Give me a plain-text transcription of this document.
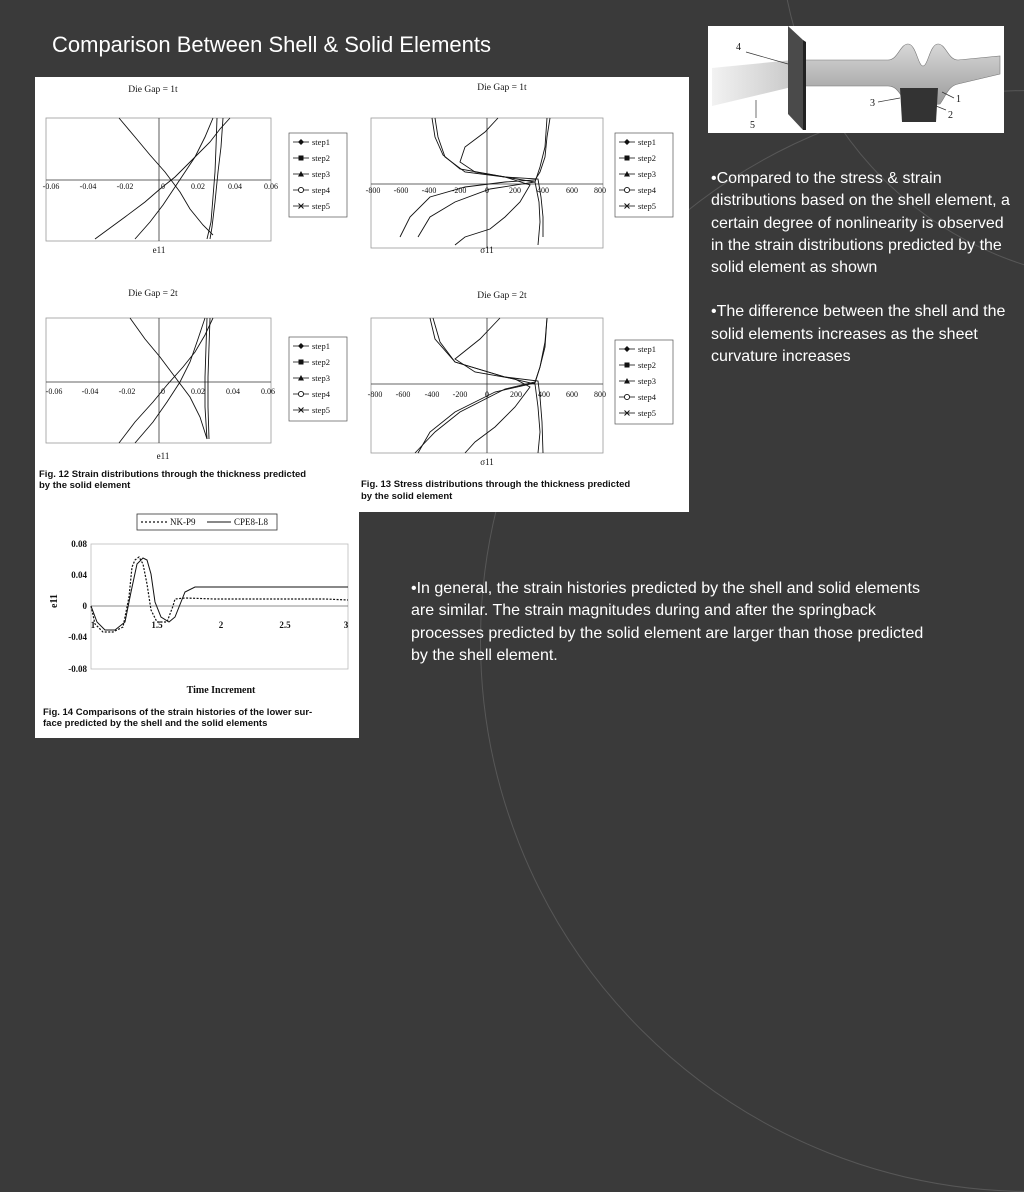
Comparison Between Shell & Solid Elements
Die Gap = 1t
-0.06	-0.04	-0.02	0	0.02	0.04	0.06
e11
step1
step2
step3
step4
step5
Die Gap = 1t
-800 -600 -400 -200 0	200 400 600 800
σ11
step1
step2
step3
step4
step5
Die Gap = 2t
-0.06 -0.04	-0.02	0	0.02	0.04	0.06
e11
step1
step2
step3
step4
step5
Die Gap = 2t
-800 -600 -400 -200 0	200 400 600 800
σ11
step1
step2
step3
step4
step5
Fig. 12 Strain distributions through the thickness predicted
by the solid element	Fig. 13 Stress distributions through the thickness predicted
by the solid element
NK-P9	CPE8-L8
0.08
0.04
0
-0.04
-0.08
e11
1	1.5	2	2.5	3
Time Increment
Fig. 14 Comparisons of the strain histories of the lower sur-
face predicted by the shell and the solid elements
4
3	1
2
5

•Compared to the stress & strain distributions based on the shell element, a certain degree of nonlinearity is observed in the strain distributions predicted by the solid element as shown

•The difference between the shell and the solid elements increases as the sheet curvature increases

•In general, the strain histories predicted by the shell and solid elements are similar. The strain magnitudes during and after the springback processes predicted by the solid element are larger than those predicted by the shell element.
